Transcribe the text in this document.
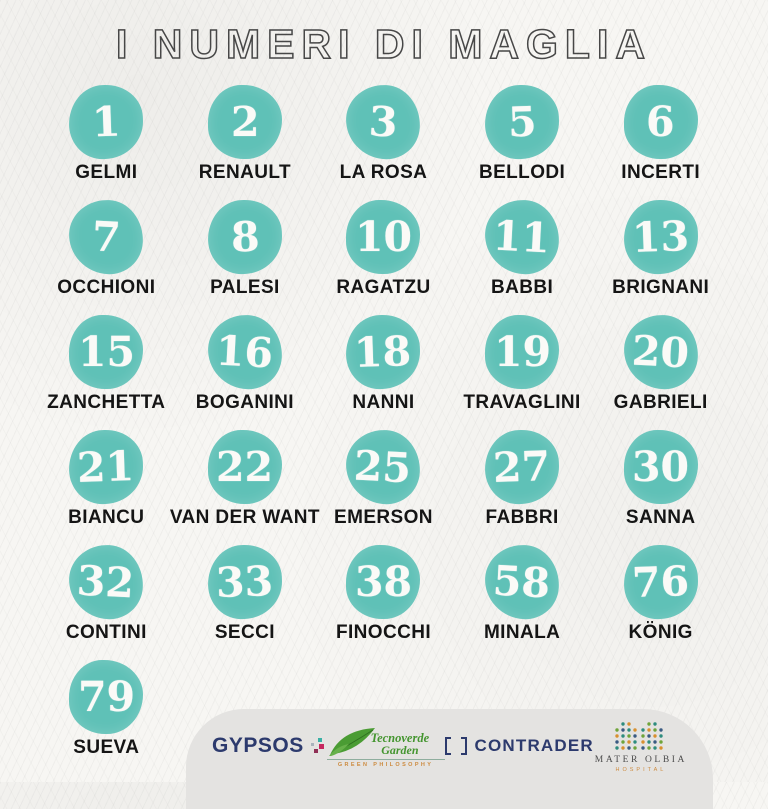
I NUMERI DI MAGLIA
1
GELMI
2
RENAULT
3
LA ROSA
5
BELLODI
6
INCERTI
7
OCCHIONI
8
PALESI
10
RAGATZU
11
BABBI
13
BRIGNANI
15
ZANCHETTA
16
BOGANINI
18
NANNI
19
TRAVAGLINI
20
GABRIELI
21
BIANCU
22
VAN DER WANT
25
EMERSON
27
FABBRI
30
SANNA
32
CONTINI
33
SECCI
38
FINOCCHI
58
MINALA
76
KÖNIG
79
SUEVA	GYPSOS	Tecnoverde
Garden
GREEN PHILOSOPHY
CONTRADER
MATER OLBIA
HOSPITAL
